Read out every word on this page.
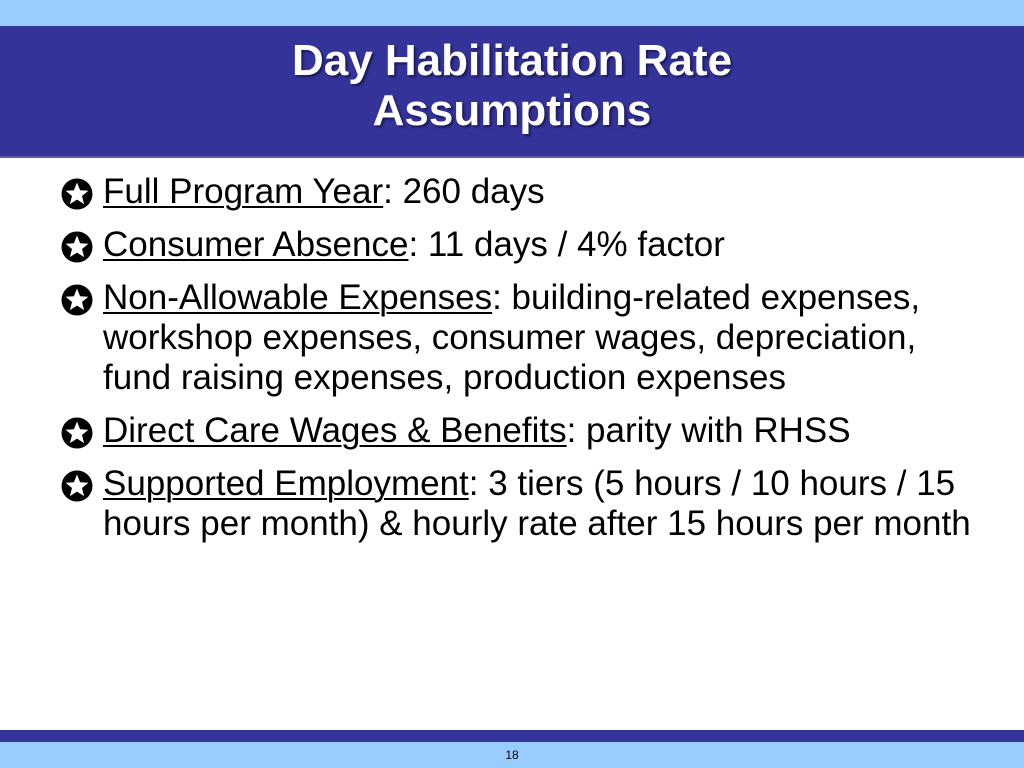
Day Habilitation Rate
Assumptions
Full Program Year: 260 days
Consumer Absence: 11 days / 4% factor
Non-Allowable Expenses: building-related expenses, workshop expenses, consumer wages, depreciation, fund raising expenses, production expenses
Direct Care Wages & Benefits: parity with RHSS
Supported Employment: 3 tiers (5 hours / 10 hours / 15 hours per month) & hourly rate after 15 hours per month
18
